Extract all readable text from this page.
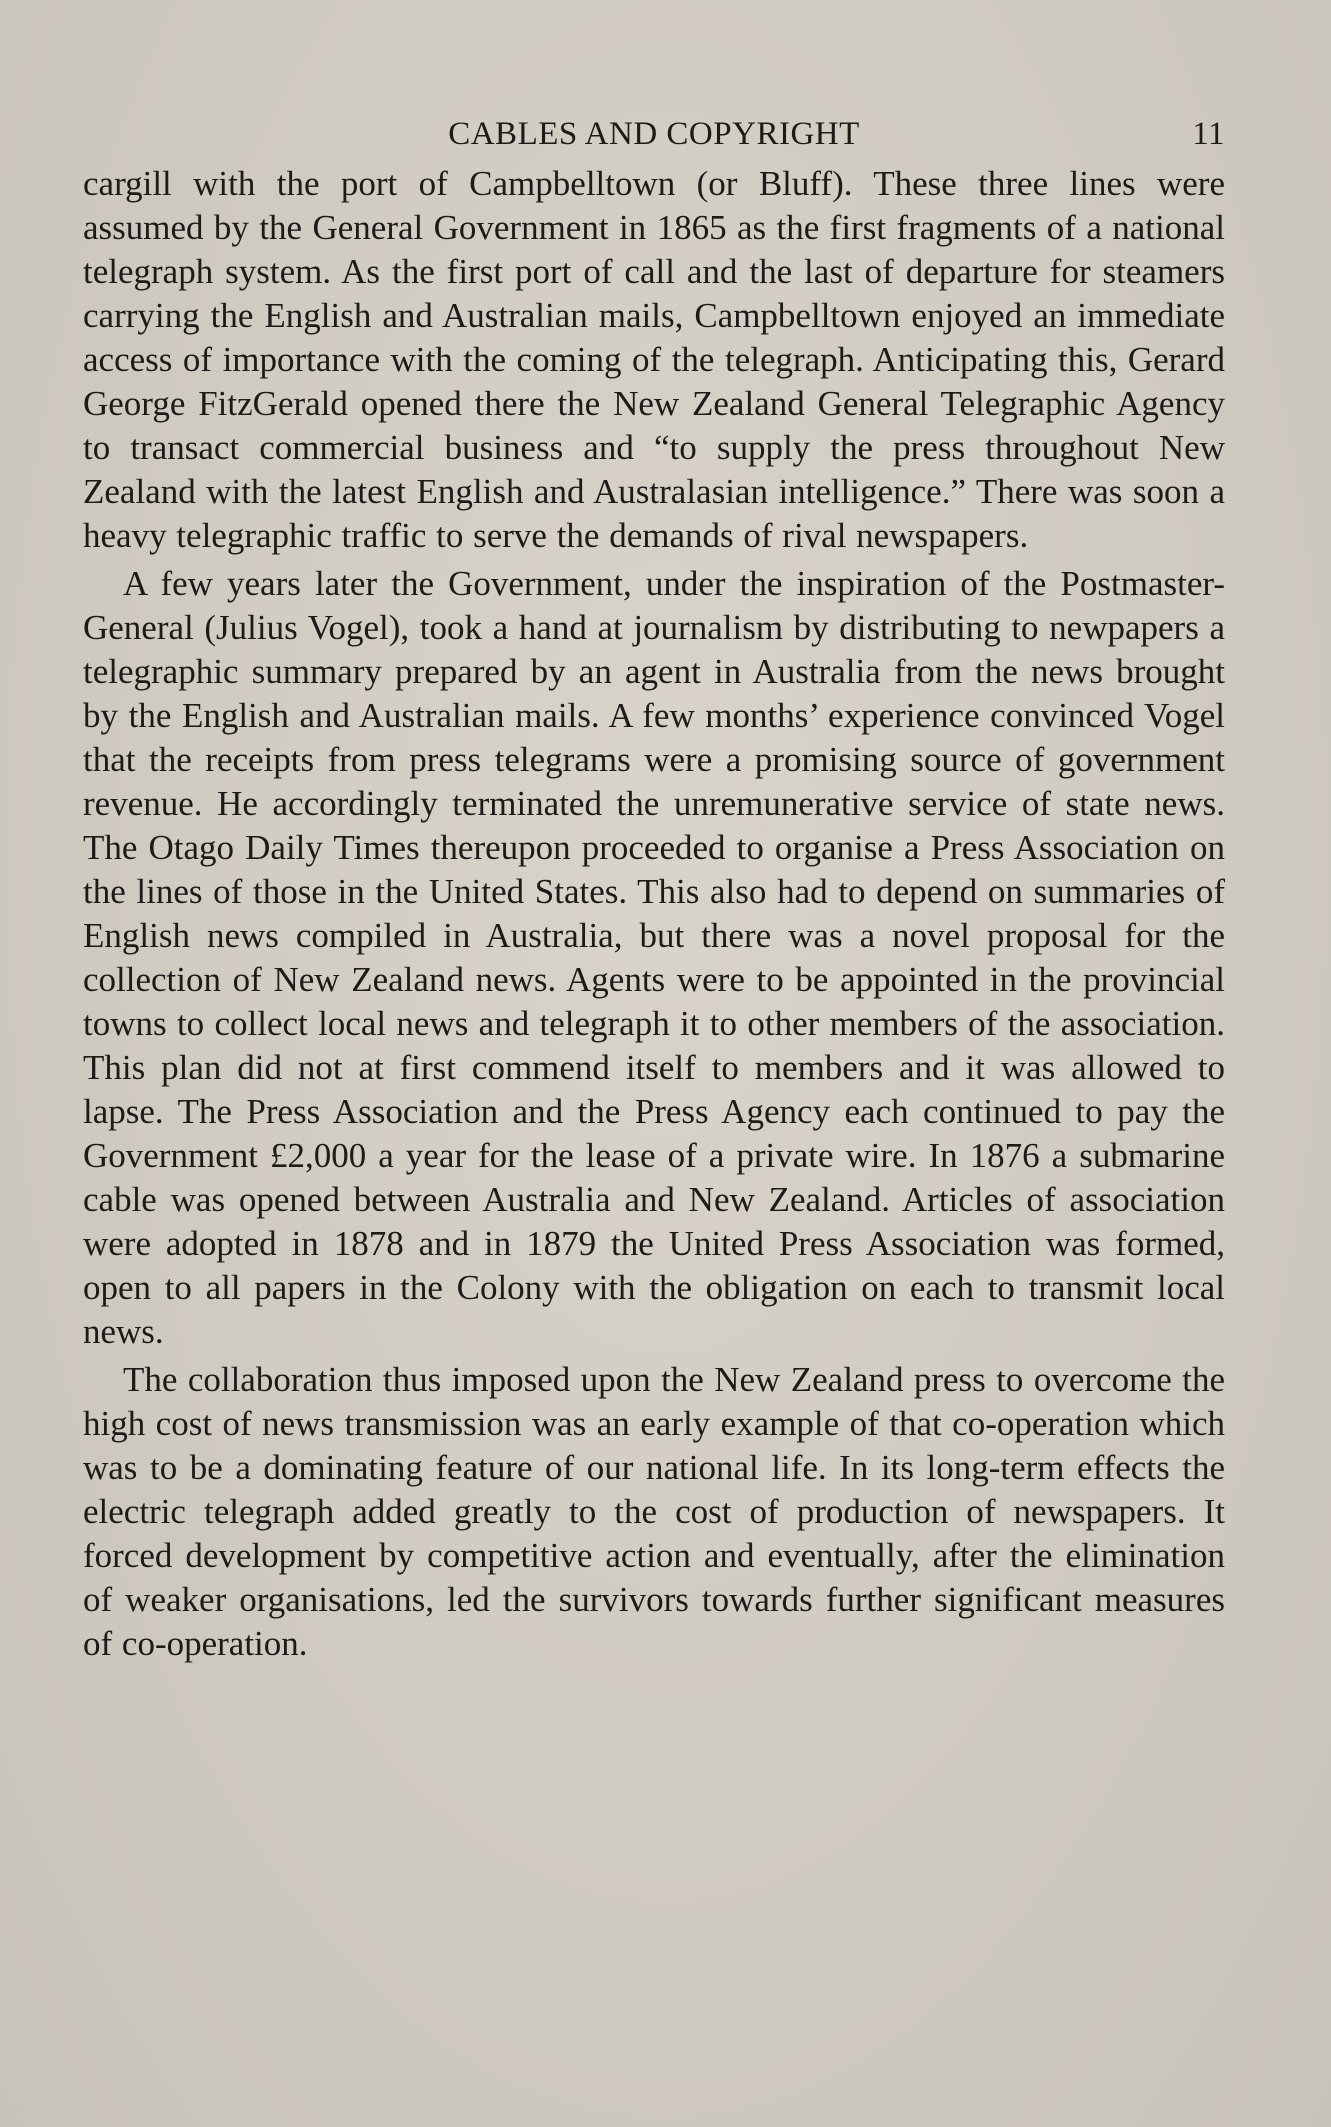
CABLES AND COPYRIGHT	11

cargill with the port of Campbelltown (or Bluff). These three lines were assumed by the General Government in 1865 as the first fragments of a national telegraph system. As the first port of call and the last of departure for steamers carrying the English and Australian mails, Campbelltown enjoyed an immediate access of importance with the coming of the telegraph. Anticipating this, Gerard George FitzGerald opened there the New Zealand General Telegraphic Agency to transact commercial business and “to supply the press throughout New Zealand with the latest English and Australasian intelligence.” There was soon a heavy telegraphic traffic to serve the demands of rival newspapers.

A few years later the Government, under the inspiration of the Postmaster-General (Julius Vogel), took a hand at journalism by distributing to newpapers a telegraphic summary prepared by an agent in Australia from the news brought by the English and Australian mails. A few months’ experience convinced Vogel that the receipts from press telegrams were a promising source of government revenue. He accordingly terminated the unremunerative service of state news. The Otago Daily Times thereupon proceeded to organise a Press Association on the lines of those in the United States. This also had to depend on summaries of English news compiled in Australia, but there was a novel proposal for the collection of New Zealand news. Agents were to be appointed in the provincial towns to collect local news and telegraph it to other members of the association. This plan did not at first commend itself to members and it was allowed to lapse. The Press Association and the Press Agency each continued to pay the Government £2,000 a year for the lease of a private wire. In 1876 a submarine cable was opened between Australia and New Zealand. Articles of association were adopted in 1878 and in 1879 the United Press Association was formed, open to all papers in the Colony with the obligation on each to transmit local news.

The collaboration thus imposed upon the New Zealand press to overcome the high cost of news transmission was an early example of that co-operation which was to be a dominating feature of our national life. In its long-term effects the electric telegraph added greatly to the cost of production of newspapers. It forced development by competitive action and eventually, after the elimination of weaker organisations, led the survivors towards further significant measures of co-operation.
